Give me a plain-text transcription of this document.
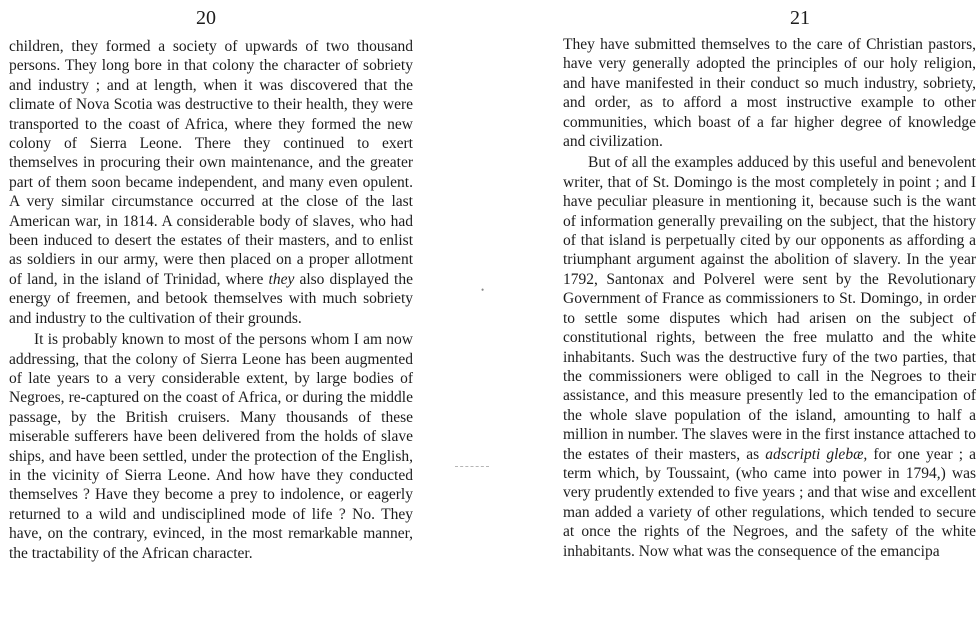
20

children, they formed a society of upwards of two thousand persons. They long bore in that colony the character of sobriety and industry ; and at length, when it was discovered that the climate of Nova Scotia was destructive to their health, they were transported to the coast of Africa, where they formed the new colony of Sierra Leone. There they continued to exert themselves in procuring their own maintenance, and the greater part of them soon became independent, and many even opulent. A very similar circumstance occurred at the close of the last American war, in 1814. A considerable body of slaves, who had been induced to desert the estates of their masters, and to enlist as soldiers in our army, were then placed on a proper allotment of land, in the island of Trinidad, where they also displayed the energy of freemen, and betook themselves with much sobriety and industry to the cultivation of their grounds.

It is probably known to most of the persons whom I am now addressing, that the colony of Sierra Leone has been augmented of late years to a very considerable extent, by large bodies of Negroes, re-captured on the coast of Africa, or during the middle passage, by the British cruisers. Many thousands of these miserable sufferers have been delivered from the holds of slave ships, and have been settled, under the protection of the English, in the vicinity of Sierra Leone. And how have they conducted themselves ? Have they become a prey to indolence, or eagerly returned to a wild and undisciplined mode of life ? No. They have, on the contrary, evinced, in the most remarkable manner, the tractability of the African character.

•
21

They have submitted themselves to the care of Christian pastors, have very generally adopted the principles of our holy religion, and have manifested in their conduct so much industry, sobriety, and order, as to afford a most instructive example to other communities, which boast of a far higher degree of knowledge and civilization.

But of all the examples adduced by this useful and benevolent writer, that of St. Domingo is the most completely in point ; and I have peculiar pleasure in mentioning it, because such is the want of information generally prevailing on the subject, that the history of that island is perpetually cited by our opponents as affording a triumphant argument against the abolition of slavery. In the year 1792, Santonax and Polverel were sent by the Revolutionary Government of France as commissioners to St. Domingo, in order to settle some disputes which had arisen on the subject of constitutional rights, between the free mulatto and the white inhabitants. Such was the destructive fury of the two parties, that the commissioners were obliged to call in the Negroes to their assistance, and this measure presently led to the emancipation of the whole slave population of the island, amounting to half a million in number. The slaves were in the first instance attached to the estates of their masters, as adscripti glebæ, for one year ; a term which, by Toussaint, (who came into power in 1794,) was very prudently extended to five years ; and that wise and excellent man added a variety of other regulations, which tended to secure at once the rights of the Negroes, and the safety of the white inhabitants. Now what was the consequence of the emancipa
